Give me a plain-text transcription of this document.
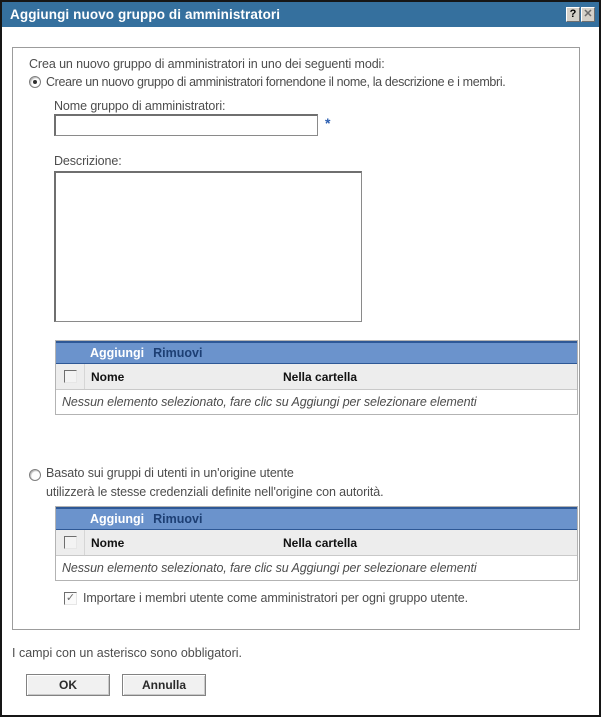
Aggiungi nuovo gruppo di amministratori	? ✕
Crea un nuovo gruppo di amministratori in uno dei seguenti modi:
Creare un nuovo gruppo di amministratori fornendone il nome, la descrizione e i membri.
Nome gruppo di amministratori:
*
Descrizione:
Aggiungi Rimuovi
Nome	Nella cartella
Nessun elemento selezionato, fare clic su Aggiungi per selezionare elementi
Basato sui gruppi di utenti in un'origine utente
utilizzerà le stesse credenziali definite nell'origine con autorità.
Aggiungi Rimuovi
Nome	Nella cartella
Nessun elemento selezionato, fare clic su Aggiungi per selezionare elementi
✓ Importare i membri utente come amministratori per ogni gruppo utente.
I campi con un asterisco sono obbligatori.
OK	Annulla
